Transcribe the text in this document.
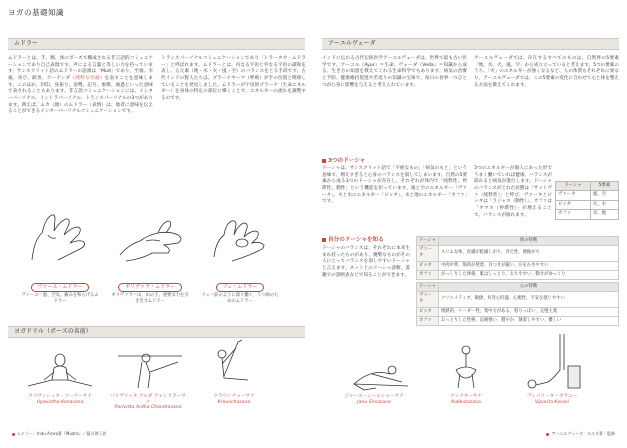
ヨガの基礎知識
ムドラー	アーユルヴェーダ
ヨガドリル（ポーズの名前）

ムドラーとは、手、腕、体のポーズで構成される非言語的コミュニケーションであり自己表現です。声による言葉と等しい力を持っています。サンスクリット語のムドラーの語源は「Mud」であり、至福、幸福、喜び、歓喜、アーナンダ（純粋な至福）を表すことを意味します。このほか、封印、身振り、姿勢、記号、象徴、通過といった意味で表されることもあります。非言語コミュニケーションには、インターパーソナル、イントラパーソナル、トランスパーソナルの3つがあります。例えば、ムカ（顔）のムドラー（表情）は、他者に意味を伝えることができるインターパーソナルコミュニケーションです。

トランスパーソナルコミュニケーションであり「トラータカ・ムドラー」と呼ばれます。ムドラーとは、内なる宇宙と外なる宇宙の調和を表し、五元素（地・水・火・風・空）のバランスをとる手段です。古代インドの賢人たちは、プラーナヤーマ（呼吸）が手の位置と関係していることを発見しました。ムドラーが宇宙的プラーナ（生命エネルギー）を身体の特定の部位に導くことで、エネルギーの流れを調整するのです。

インドに伝わる古代伝統医学アーユルヴェーダは、世界で最も古い医学です。アーユル（Ayur）＝生命、ヴェーダ（Veda）＝知識から成る、生き方の知恵を教えてくれる生命科学でもあります。病気の治療と予防、健康維持促進や若返りの知識の宝庫で、毎日の食事一つひとつが心身に影響を与えると考えられています。
アーユルヴェーダでは、存在するすべてのものは、自然界の5要素「地、水、火、風、空」から成り立っていると考えます。5つの要素のうち、「火」のエネルギーが強くなるなど、人の体質もそれぞれに異なり、アーユルヴェーダでは、この5要素の変化に合わせて心と体を整える方法を教えてくれます。
3つのドーシャ
ドーシャは、サンスクリット語で「不純なもの」「病気のもと」という意味で、増えすぎると心身のバランスを崩してしまいます。自然の5要素から成る3つのドーシャが存在し、それぞれが体内で「純粋性、停滞性、動性」という機能を担っています。風と空のエネルギー「ヴァータ」、火と水のエネルギー「ピッタ」、水と地のエネルギー「カファ」です。
3つのエネルギーが個人にあった形でうまく働いていれば健康、バランスが崩れると病気が進行します。ドーシャのバランスがとれた状態は「サットヴァ（純粋性）」と呼び、ヴァータとピッタは「ラジャス（動性）」、カファは「タマス（停滞性）」が増えることで、バランスが崩れます。
ドーシャ	5要素
ヴァータ	風、空
ピッタ	火、水
カファ	水、地
自分のドーシャを知る
ドーシャのバランスは、それぞれに本来生まれ持ったものがあり、優勢なものがその人にとってバランスを崩しやすいドーシャと言えます。ネット上のドーシャ診断、書籍での診断表などで知ることができます。
ドーシャ	体の特徴
ヴァータ	スリムな体、皮膚が乾燥しがち、冷え性、便秘がち
ピッタ	中肉中背、筋肉が発達、目つきが鋭い、汗をかきやすい
カファ	がっしりした体格、肌はしっとり、太りやすい、動きがゆっくり
ドーシャ	心の特徴
ヴァータ	クリエイティブ、敏捷、好奇心旺盛、心配性、不安を感じやすい
ピッタ	情熱的、リーダー性、集中力がある、怒りっぽい、完璧主義
カファ	おっとりした性格、忍耐強い、穏やか、執着しやすい、優しい
ヴァーユ・ムドラー
ヴァーユ＝風、空気。痛みを和らげるムドラー
ギリヴァラ・ムドラー
ギリヴァラ＝山、山の王。重要な力を引き出すムドラー
ツェ・ムドラー
ツェ＝前のように深く働く、うつ病のためのムドラー
ウパヴィシュタ・コーナーサナ
Upavistha Konasana
パリヴリッタ アルダ チャンドラーサナ
Parivrtta Ardha Chandrasana
クラウンチャーサナ
Krounchasana
ジャーヌ・シールシャーサナ
Janu Sirsasana
クックターサナ
Kukkutasana
ヴィパリータ・カラニー
Viparita Karani
ムドラー：Indu Arora著『Mudra』／藤方理子訳	アーユルヴェーダ：ロルダ著・監修
